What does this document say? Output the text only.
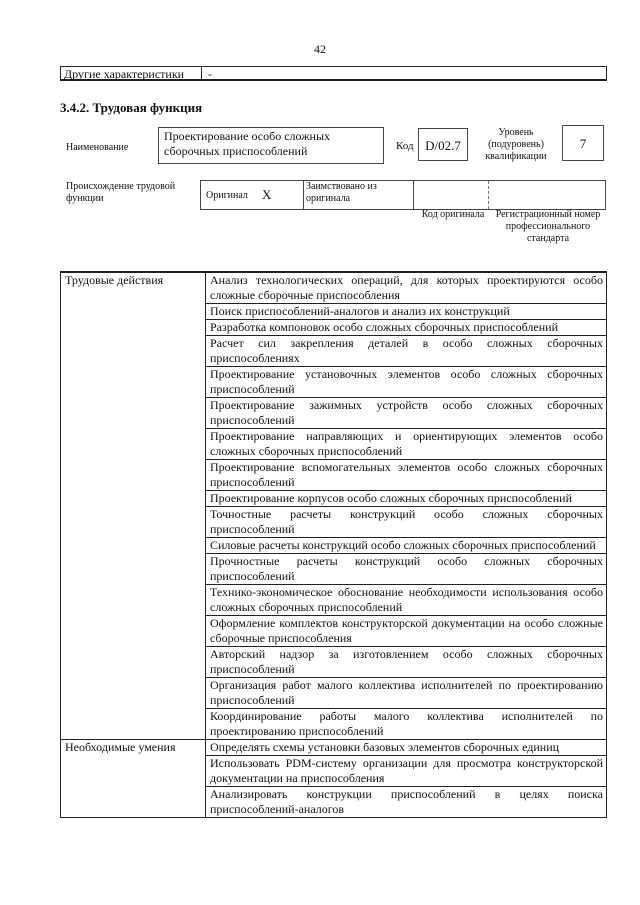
42
Другие характеристики -
3.4.2. Трудовая функция
Наименование
Проектирование особо сложных сборочных приспособлений	Код D/02.7
Уровень (подуровень) квалификации
7
Происхождение трудовой функции	Оригинал X
Заимствовано из оригинала
Код оригинала	Регистрационный номер профессионального стандарта
Трудовые действия	Анализ технологических операций, для которых проектируются особо сложные сборочные приспособления
Поиск приспособлений-аналогов и анализ их конструкций
Разработка компоновок особо сложных сборочных приспособлений
Расчет сил закрепления деталей в особо сложных сборочных приспособлениях
Проектирование установочных элементов особо сложных сборочных приспособлений
Проектирование зажимных устройств особо сложных сборочных приспособлений
Проектирование направляющих и ориентирующих элементов особо сложных сборочных приспособлений
Проектирование вспомогательных элементов особо сложных сборочных приспособлений
Проектирование корпусов особо сложных сборочных приспособлений
Точностные расчеты конструкций особо сложных сборочных приспособлений
Силовые расчеты конструкций особо сложных сборочных приспособлений
Прочностные расчеты конструкций особо сложных сборочных приспособлений
Технико-экономическое обоснование необходимости использования особо сложных сборочных приспособлений
Оформление комплектов конструкторской документации на особо сложные сборочные приспособления
Авторский надзор за изготовлением особо сложных сборочных приспособлений
Организация работ малого коллектива исполнителей по проектированию приспособлений
Координирование работы малого коллектива исполнителей по проектированию приспособлений
Необходимые умения	Определять схемы установки базовых элементов сборочных единиц
Использовать PDM-систему организации для просмотра конструкторской документации на приспособления
Анализировать конструкции приспособлений в целях поиска приспособлений-аналогов
